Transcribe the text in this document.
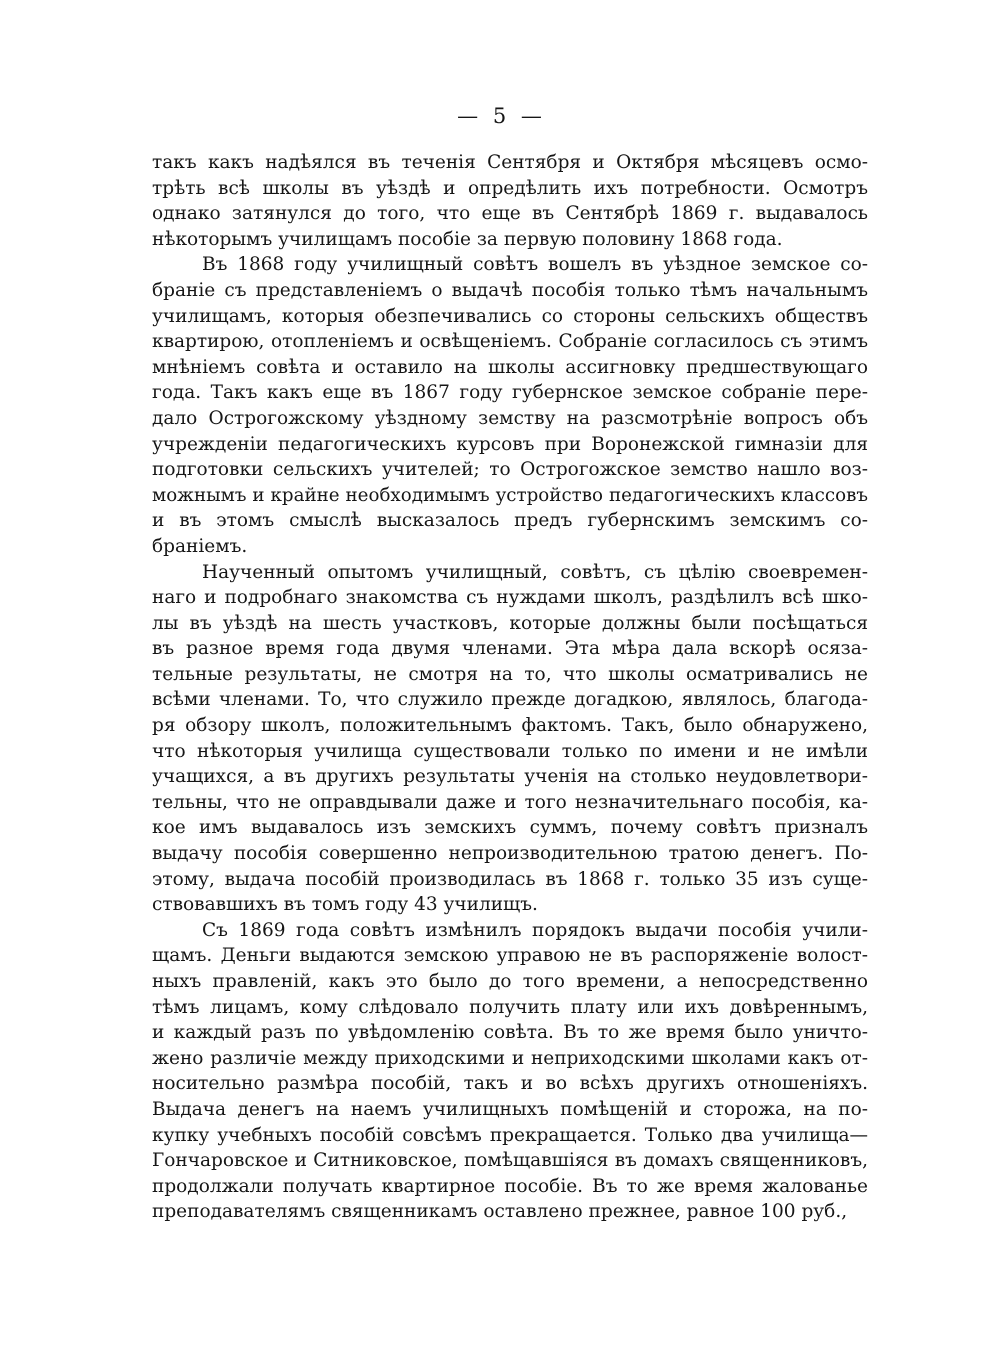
— 5 —
такъ какъ надѣялся въ теченiя Сентября и Октября мѣсяцевъ осмо-
трѣть всѣ школы въ уѣздѣ и опредѣлить ихъ потребности. Осмотръ
однако затянулся до того, что еще въ Сентябрѣ 1869 г. выдавалось
нѣкоторымъ училищамъ пособiе за первую половину 1868 года.
Въ 1868 году училищный совѣтъ вошелъ въ уѣздное земское со-
бранiе съ представленiемъ о выдачѣ пособiя только тѣмъ начальнымъ
училищамъ, которыя обезпечивались со стороны сельскихъ обществъ
квартирою, отопленiемъ и освѣщенiемъ. Собранiе согласилось съ этимъ
мнѣнiемъ совѣта и оставило на школы ассигновку предшествующаго
года. Такъ какъ еще въ 1867 году губернское земское собранiе пере-
дало Острогожскому уѣздному земству на разсмотрѣнiе вопросъ объ
учрежденiи педагогическихъ курсовъ при Воронежской гимназiи для
подготовки сельскихъ учителей; то Острогожское земство нашло воз-
можнымъ и крайне необходимымъ устройство педагогическихъ классовъ
и въ этомъ смыслѣ высказалось предъ губернскимъ земскимъ со-
бранiемъ.
Наученный опытомъ училищный, совѣтъ, съ цѣлiю своевремен-
наго и подробнаго знакомства съ нуждами школъ, раздѣлилъ всѣ шко-
лы въ уѣздѣ на шесть участковъ, которые должны были посѣщаться
въ разное время года двумя членами. Эта мѣра дала вскорѣ осяза-
тельные результаты, не смотря на то, что школы осматривались не
всѣми членами. То, что служило прежде догадкою, являлось, благода-
ря обзору школъ, положительнымъ фактомъ. Такъ, было обнаружено,
что нѣкоторыя училища существовали только по имени и не имѣли
учащихся, а въ другихъ результаты ученiя на столько неудовлетвори-
тельны, что не оправдывали даже и того незначительнаго пособiя, ка-
кое имъ выдавалось изъ земскихъ суммъ, почему совѣтъ призналъ
выдачу пособiя совершенно непроизводительною тратою денегъ. По-
этому, выдача пособiй производилась въ 1868 г. только 35 изъ суще-
ствовавшихъ въ томъ году 43 училищъ.
Съ 1869 года совѣтъ измѣнилъ порядокъ выдачи пособiя учили-
щамъ. Деньги выдаются земскою управою не въ распоряженiе волост-
ныхъ правленiй, какъ это было до того времени, а непосредственно
тѣмъ лицамъ, кому слѣдовало получить плату или ихъ довѣреннымъ,
и каждый разъ по увѣдомленiю совѣта. Въ то же время было уничто-
жено различiе между приходскими и неприходскими школами какъ от-
носительно размѣра пособiй, такъ и во всѣхъ другихъ отношенiяхъ.
Выдача денегъ на наемъ училищныхъ помѣщенiй и сторожа, на по-
купку учебныхъ пособiй совсѣмъ прекращается. Только два училища—
Гончаровское и Ситниковское, помѣщавшiяся въ домахъ священниковъ,
продолжали получать квартирное пособiе. Въ то же время жалованье
преподавателямъ священникамъ оставлено прежнее, равное 100 руб.,
